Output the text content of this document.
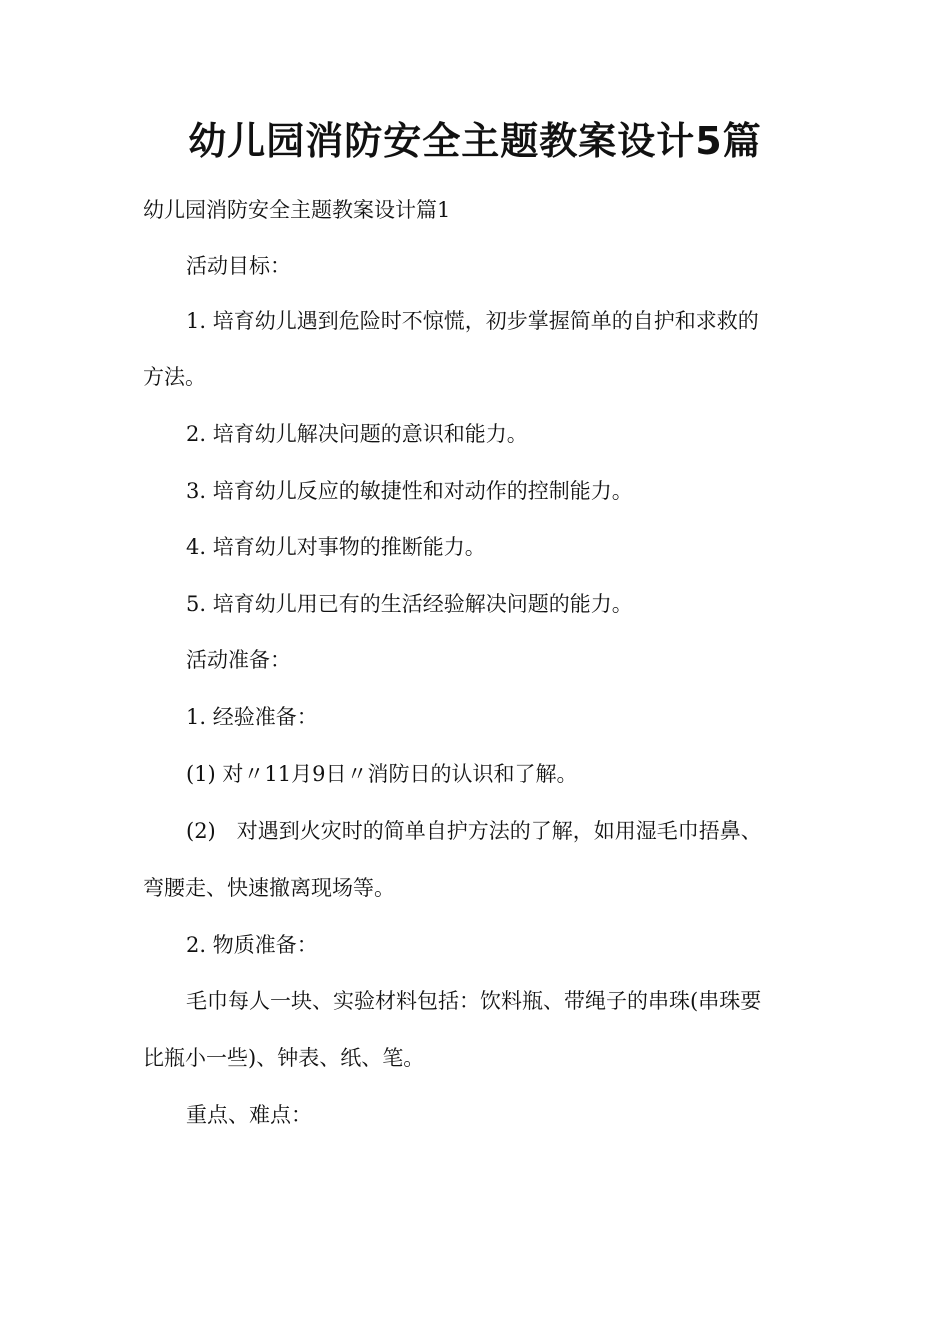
幼儿园消防安全主题教案设计5篇
幼儿园消防安全主题教案设计篇1
活动目标：
1. 培育幼儿遇到危险时不惊慌，初步掌握简单的自护和求救的
方法。
2. 培育幼儿解决问题的意识和能力。
3. 培育幼儿反应的敏捷性和对动作的控制能力。
4. 培育幼儿对事物的推断能力。
5. 培育幼儿用已有的生活经验解决问题的能力。
活动准备：
1. 经验准备：
(1) 对〃11月9日〃消防日的认识和了解。
(2)　对遇到火灾时的简单自护方法的了解，如用湿毛巾捂鼻、
弯腰走、快速撤离现场等。
2. 物质准备：
毛巾每人一块、实验材料包括：饮料瓶、带绳子的串珠(串珠要
比瓶小一些)、钟表、纸、笔。
重点、难点：
